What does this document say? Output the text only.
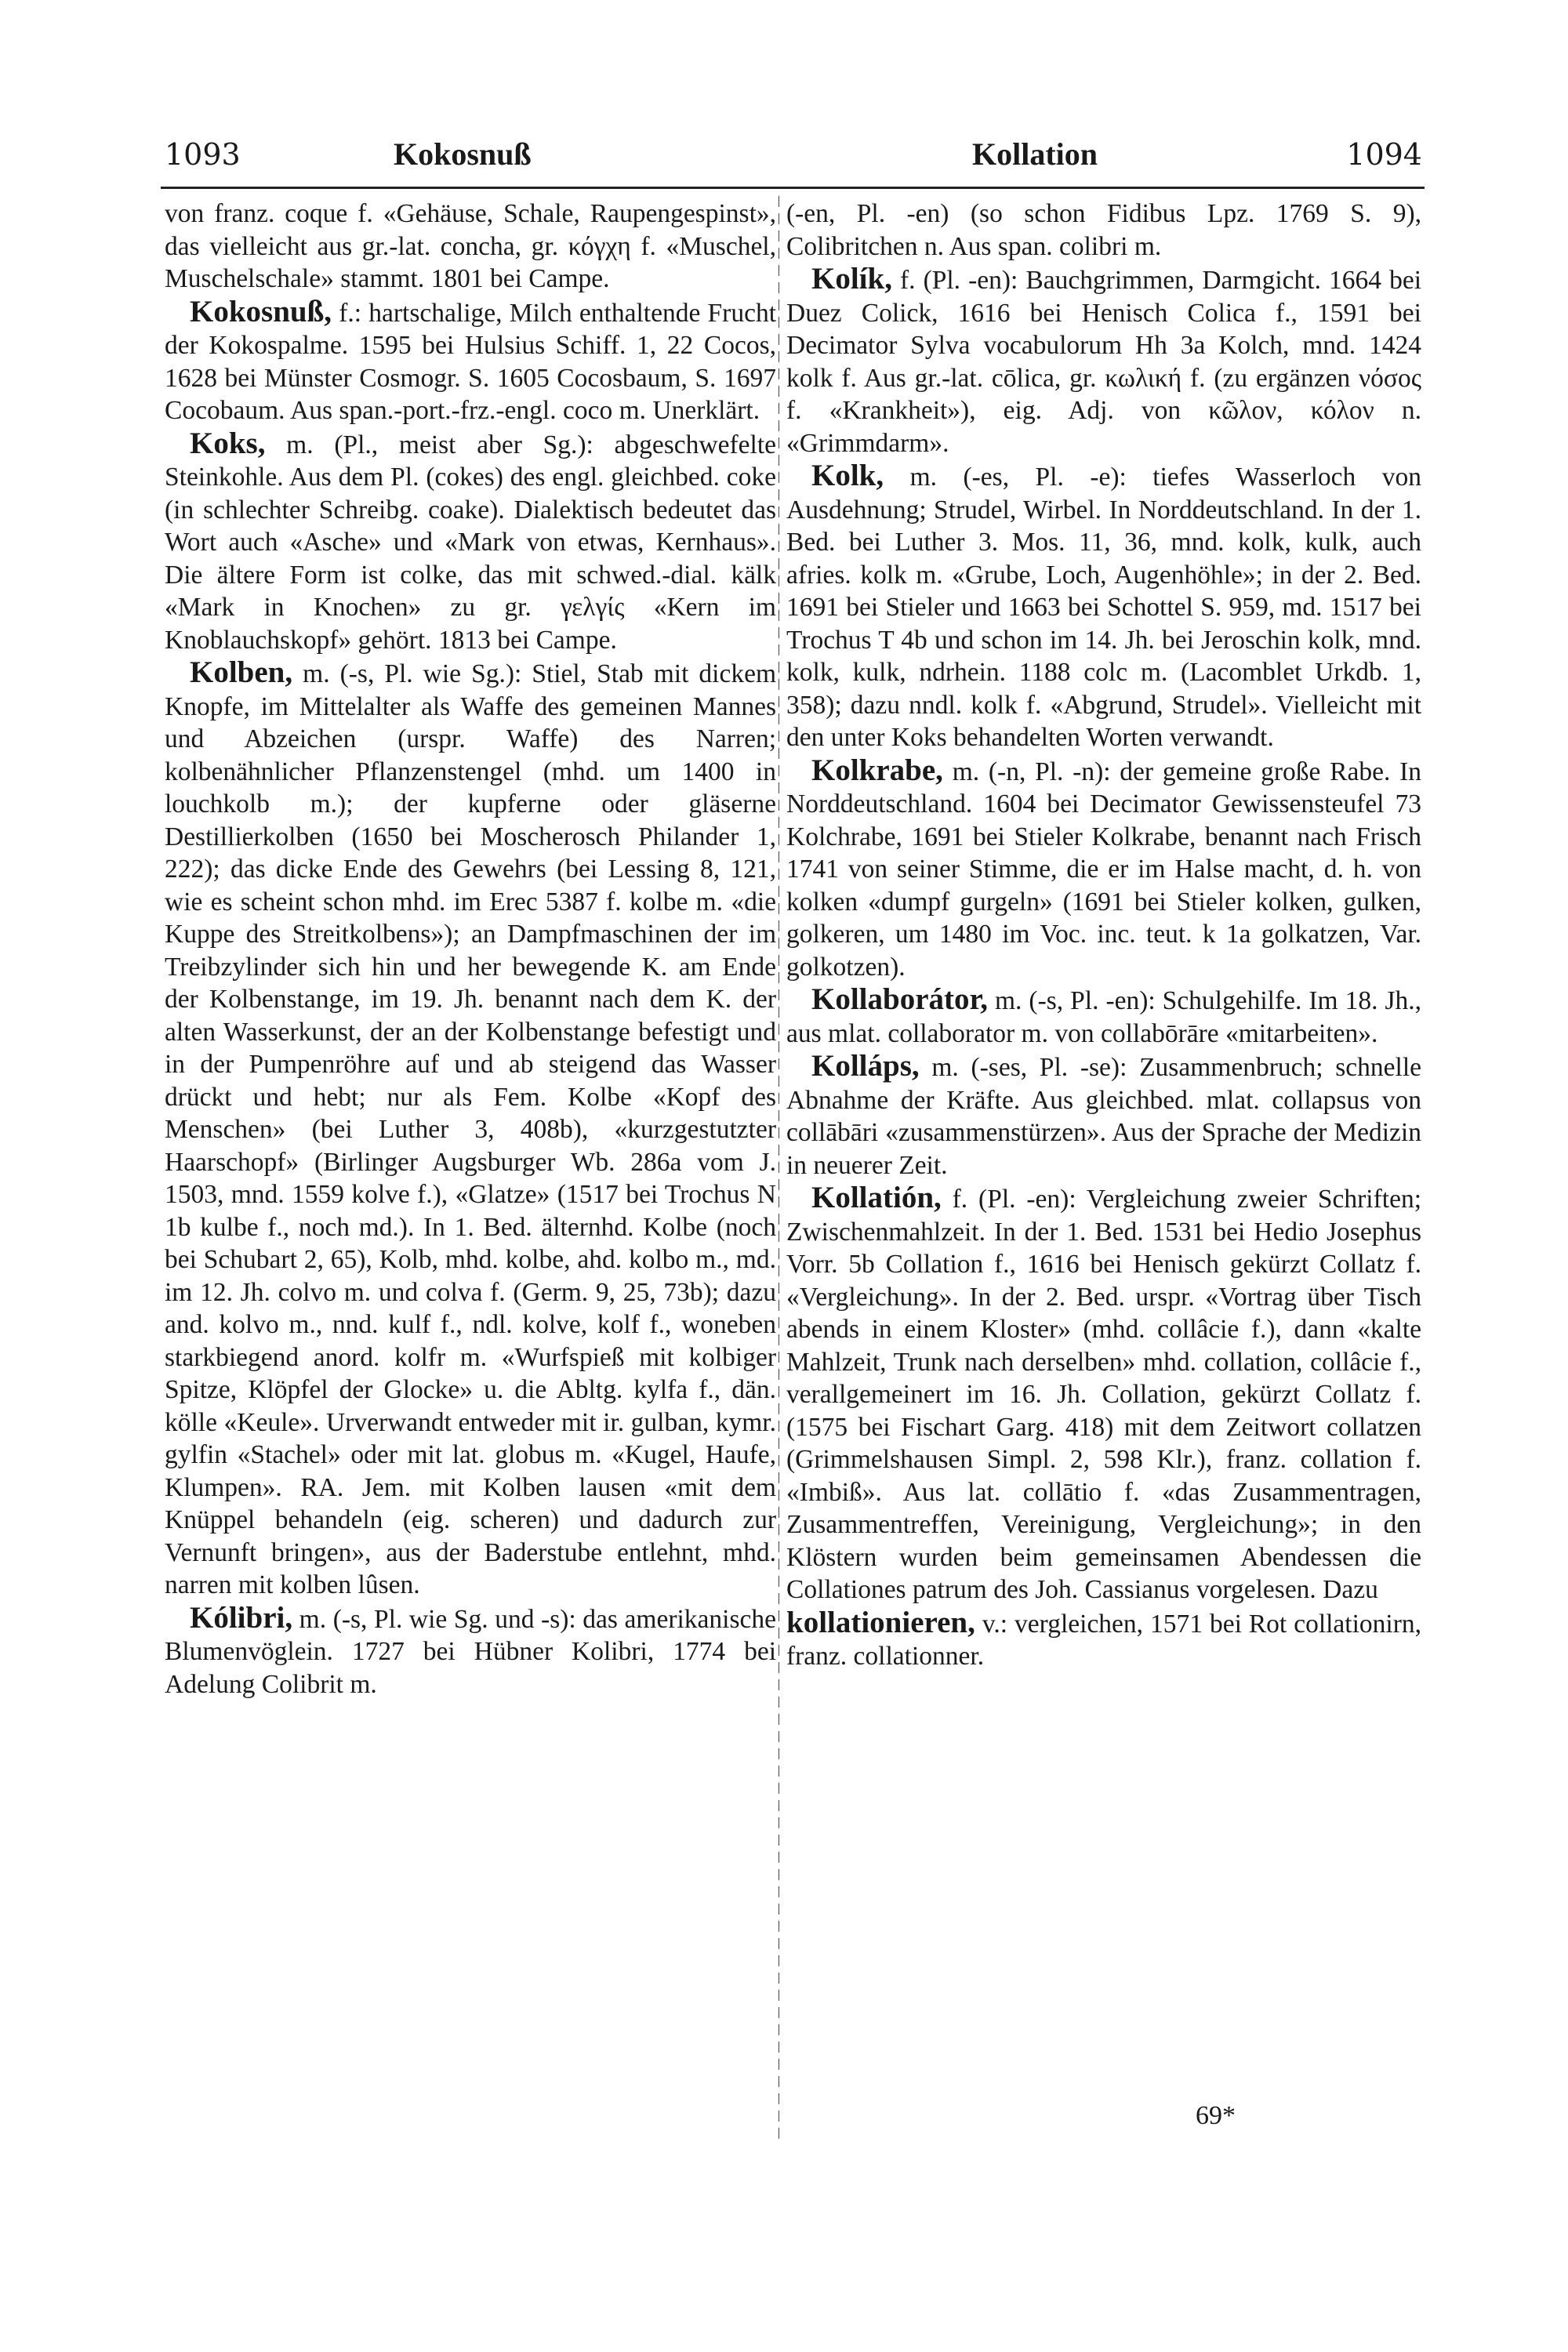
1093	Kokosnuß	Kollation	1094

von franz. coque f. «Gehäuse, Schale, Raupengespinst», das vielleicht aus gr.-lat. concha, gr. κόγχη f. «Muschel, Muschelschale» stammt. 1801 bei Campe.

Kokosnuß, f.: hartschalige, Milch enthaltende Frucht der Kokospalme. 1595 bei Hulsius Schiff. 1, 22 Cocos, 1628 bei Münster Cosmogr. S. 1605 Cocosbaum, S. 1697 Cocobaum. Aus span.-port.-frz.-engl. coco m. Unerklärt.

Koks, m. (Pl., meist aber Sg.): abgeschwefelte Steinkohle. Aus dem Pl. (cokes) des engl. gleichbed. coke (in schlechter Schreibg. coake). Dialektisch bedeutet das Wort auch «Asche» und «Mark von etwas, Kernhaus». Die ältere Form ist colke, das mit schwed.-dial. kälk «Mark in Knochen» zu gr. γελγίς «Kern im Knoblauchskopf» gehört. 1813 bei Campe.

Kolben, m. (-s, Pl. wie Sg.): Stiel, Stab mit dickem Knopfe, im Mittelalter als Waffe des gemeinen Mannes und Abzeichen (urspr. Waffe) des Narren; kolbenähnlicher Pflanzenstengel (mhd. um 1400 in louchkolb m.); der kupferne oder gläserne Destillierkolben (1650 bei Moscherosch Philander 1, 222); das dicke Ende des Gewehrs (bei Lessing 8, 121, wie es scheint schon mhd. im Erec 5387 f. kolbe m. «die Kuppe des Streitkolbens»); an Dampfmaschinen der im Treibzylinder sich hin und her bewegende K. am Ende der Kolbenstange, im 19. Jh. benannt nach dem K. der alten Wasserkunst, der an der Kolbenstange befestigt und in der Pumpenröhre auf und ab steigend das Wasser drückt und hebt; nur als Fem. Kolbe «Kopf des Menschen» (bei Luther 3, 408b), «kurzgestutzter Haarschopf» (Birlinger Augsburger Wb. 286a vom J. 1503, mnd. 1559 kolve f.), «Glatze» (1517 bei Trochus N 1b kulbe f., noch md.). In 1. Bed. älternhd. Kolbe (noch bei Schubart 2, 65), Kolb, mhd. kolbe, ahd. kolbo m., md. im 12. Jh. colvo m. und colva f. (Germ. 9, 25, 73b); dazu and. kolvo m., nnd. kulf f., ndl. kolve, kolf f., woneben starkbiegend anord. kolfr m. «Wurfspieß mit kolbiger Spitze, Klöpfel der Glocke» u. die Abltg. kylfa f., dän. kölle «Keule». Urverwandt entweder mit ir. gulban, kymr. gylfin «Stachel» oder mit lat. globus m. «Kugel, Haufe, Klumpen». RA. Jem. mit Kolben lausen «mit dem Knüppel behandeln (eig. scheren) und dadurch zur Vernunft bringen», aus der Baderstube entlehnt, mhd. narren mit kolben lûsen.

Kólibri, m. (-s, Pl. wie Sg. und -s): das amerikanische Blumenvöglein. 1727 bei Hübner Kolibri, 1774 bei Adelung Colibrit m.

(-en, Pl. -en) (so schon Fidibus Lpz. 1769 S. 9), Colibritchen n. Aus span. colibri m.

Kolík, f. (Pl. -en): Bauchgrimmen, Darmgicht. 1664 bei Duez Colick, 1616 bei Henisch Colica f., 1591 bei Decimator Sylva vocabulorum Hh 3a Kolch, mnd. 1424 kolk f. Aus gr.-lat. cōlica, gr. κωλική f. (zu ergänzen νόσος f. «Krankheit»), eig. Adj. von κῶλον, κόλον n. «Grimmdarm».

Kolk, m. (-es, Pl. -e): tiefes Wasserloch von Ausdehnung; Strudel, Wirbel. In Norddeutschland. In der 1. Bed. bei Luther 3. Mos. 11, 36, mnd. kolk, kulk, auch afries. kolk m. «Grube, Loch, Augenhöhle»; in der 2. Bed. 1691 bei Stieler und 1663 bei Schottel S. 959, md. 1517 bei Trochus T 4b und schon im 14. Jh. bei Jeroschin kolk, mnd. kolk, kulk, ndrhein. 1188 colc m. (Lacomblet Urkdb. 1, 358); dazu nndl. kolk f. «Abgrund, Strudel». Vielleicht mit den unter Koks behandelten Worten verwandt.

Kolkrabe, m. (-n, Pl. -n): der gemeine große Rabe. In Norddeutschland. 1604 bei Decimator Gewissensteufel 73 Kolchrabe, 1691 bei Stieler Kolkrabe, benannt nach Frisch 1741 von seiner Stimme, die er im Halse macht, d. h. von kolken «dumpf gurgeln» (1691 bei Stieler kolken, gulken, golkeren, um 1480 im Voc. inc. teut. k 1a golkatzen, Var. golkotzen).

Kollaborátor, m. (-s, Pl. -en): Schulgehilfe. Im 18. Jh., aus mlat. collaborator m. von collabōrāre «mitarbeiten».

Kolláps, m. (-ses, Pl. -se): Zusammenbruch; schnelle Abnahme der Kräfte. Aus gleichbed. mlat. collapsus von collābāri «zusammenstürzen». Aus der Sprache der Medizin in neuerer Zeit.

Kollatión, f. (Pl. -en): Vergleichung zweier Schriften; Zwischenmahlzeit. In der 1. Bed. 1531 bei Hedio Josephus Vorr. 5b Collation f., 1616 bei Henisch gekürzt Collatz f. «Vergleichung». In der 2. Bed. urspr. «Vortrag über Tisch abends in einem Kloster» (mhd. collâcie f.), dann «kalte Mahlzeit, Trunk nach derselben» mhd. collation, collâcie f., verallgemeinert im 16. Jh. Collation, gekürzt Collatz f. (1575 bei Fischart Garg. 418) mit dem Zeitwort collatzen (Grimmelshausen Simpl. 2, 598 Klr.), franz. collation f. «Imbiß». Aus lat. collātio f. «das Zusammentragen, Zusammentreffen, Vereinigung, Vergleichung»; in den Klöstern wurden beim gemeinsamen Abendessen die Collationes patrum des Joh. Cassianus vorgelesen. Dazu

kollationieren, v.: vergleichen, 1571 bei Rot collationirn, franz. collationner.

69*
